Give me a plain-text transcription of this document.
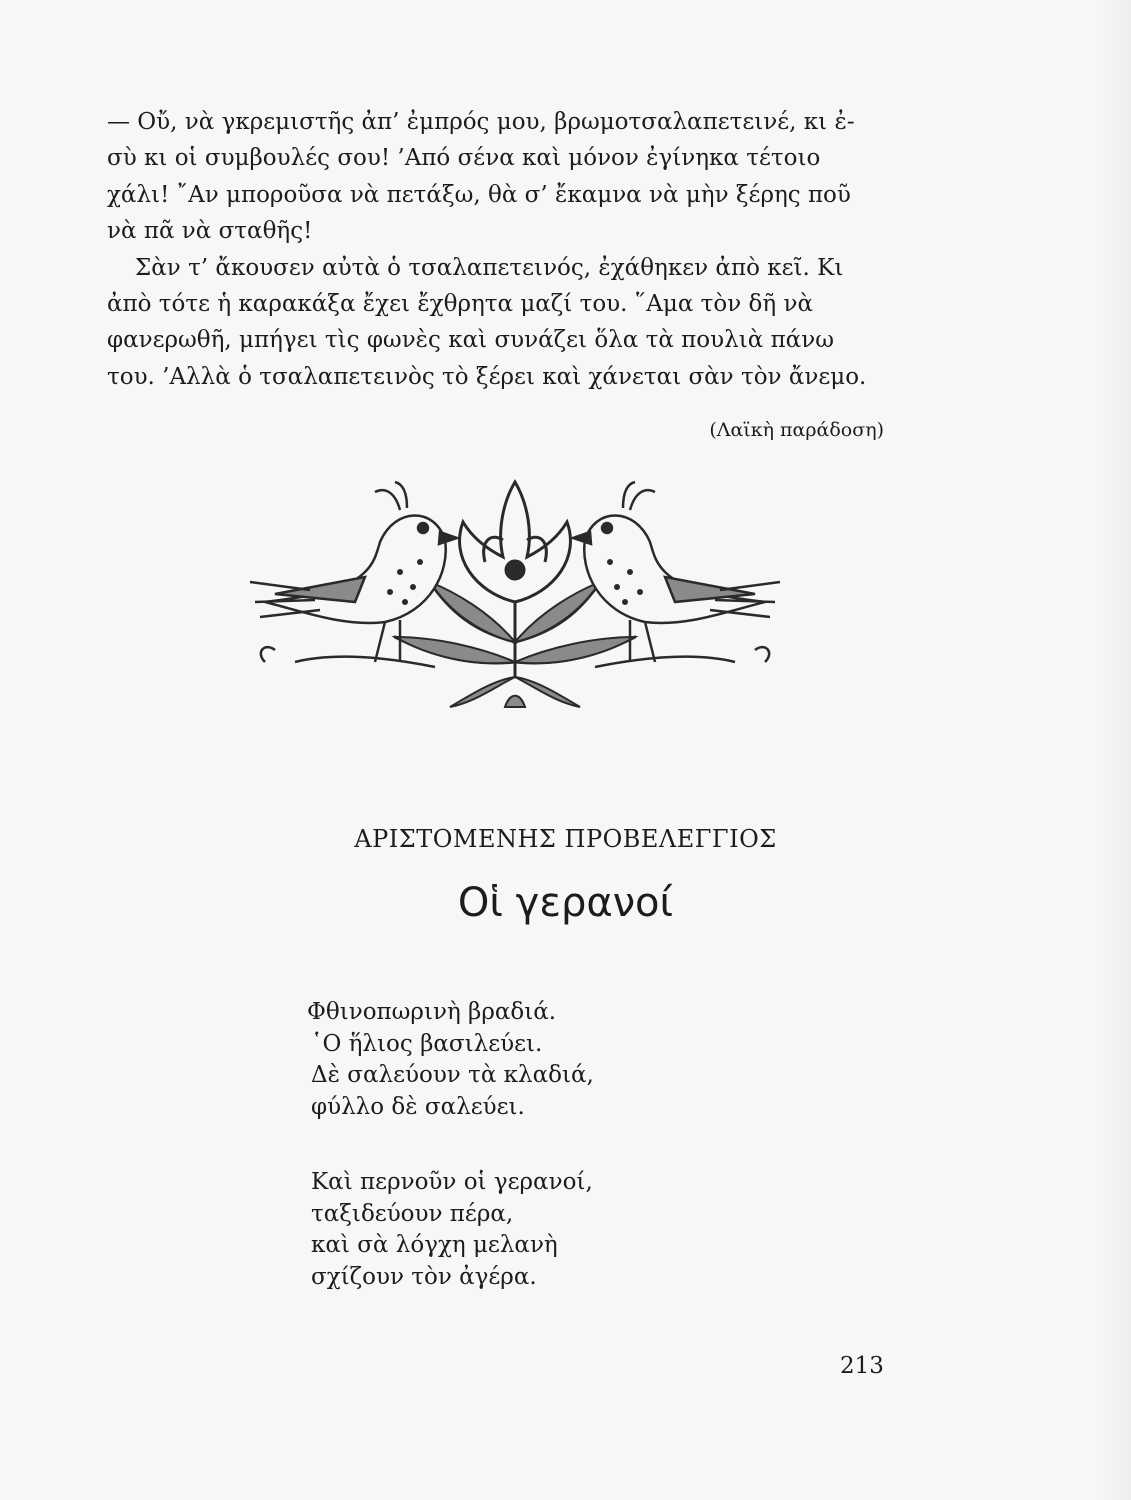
— Οὔ, νὰ γκρεμιστῆς ἀπ’ ἐμπρός μου, βρωμοτσαλαπετεινέ, κι ἐ-
σὺ κι οἱ συμβουλές σου! ’Από σένα καὶ μόνον ἐγίνηκα τέτοιο
χάλι! ῎Αν μποροῦσα νὰ πετάξω, θὰ σ’ ἔκαμνα νὰ μὴν ξέρης ποῦ
νὰ πᾶ νὰ σταθῆς!

Σὰν τ’ ἄκουσεν αὐτὰ ὁ τσαλαπετεινός, ἐχάθηκεν ἀπὸ κεῖ. Κι
ἀπὸ τότε ἡ καρακάξα ἔχει ἔχθρητα μαζί του. ῞Αμα τὸν δῆ νὰ
φανερωθῆ, μπήγει τὶς φωνὲς καὶ συνάζει ὅλα τὰ πουλιὰ πάνω
του. ’Αλλὰ ὁ τσαλαπετεινὸς τὸ ξέρει καὶ χάνεται σὰν τὸν ἄνεμο.

(Λαϊκὴ παράδοση)
ΑΡΙΣΤΟΜΕΝΗΣ ΠΡΟΒΕΛΕΓΓΙΟΣ
Οἱ γερανοί
Φθινοπωρινὴ βραδιά.
῾Ο ἥλιος βασιλεύει.
Δὲ σαλεύουν τὰ κλαδιά,
φύλλο δὲ σαλεύει.
Καὶ περνοῦν οἱ γερανοί,
ταξιδεύουν πέρα,
καὶ σὰ λόγχη μελανὴ
σχίζουν τὸν ἀγέρα.
213
